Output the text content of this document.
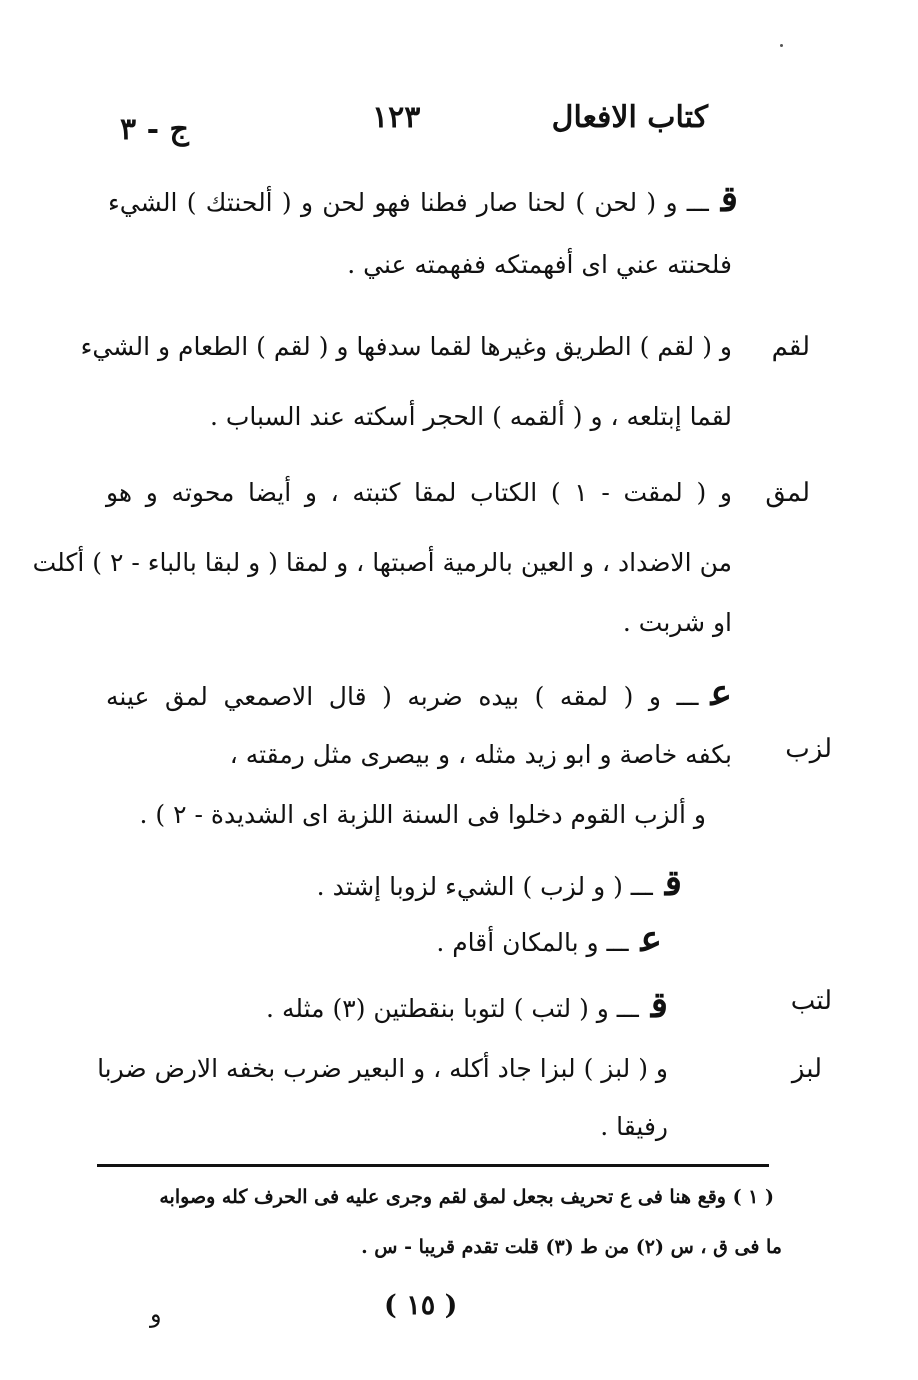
كتاب الافعال
١٢٣
ج - ٣
قـــ و ( لحن ) لحنا صار فطنا فهو لحن و ( ألحنتك ) الشيء
فلحنته عني اى أفهمتكه ففهمته عني .
لقم
و ( لقم ) الطريق وغيرها لقما سدفها و ( لقم ) الطعام و الشيء
لقما إبتلعه ، و ( ألقمه ) الحجر أسكته عند السباب .
لمق
و ( لمقت - ١ ) الكتاب لمقا كتبته ، و أيضا محوته و هو
من الاضداد ، و العين بالرمية أصبتها ، و لمقا ( و لبقا بالباء - ٢ ) أكلت
او شربت .
عـــ و ( لمقه ) بيده ضربه ( قال الاصمعي لمق عينه
لزب
بكفه خاصة و ابو زيد مثله ، و بيصرى مثل رمقته ،
و ألزب القوم دخلوا فى السنة اللزبة اى الشديدة - ٢ ) .
قـــ ( و لزب ) الشيء لزوبا إشتد .
عـــ و بالمكان أقام .
لتب
قـــ و ( لتب ) لتوبا بنقطتين (٣) مثله .
لبز
و ( لبز ) لبزا جاد أكله ، و البعير ضرب بخفه الارض ضربا
رفيقا .
( ١ ) وقع هنا فى ع تحريف بجعل لمق لقم وجرى عليه فى الحرف كله وصوابه
ما فى ق ، س (٢) من ط (٣) قلت تقدم قريبا - س .
( ١٥ )
و
